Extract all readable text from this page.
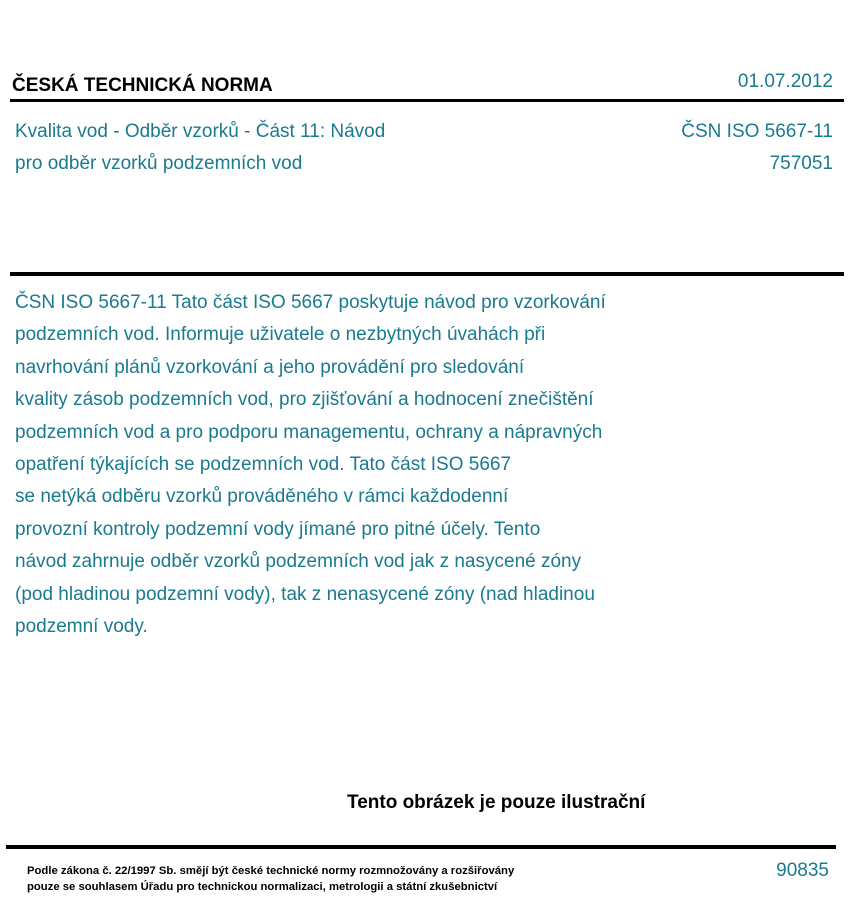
ČESKÁ TECHNICKÁ NORMA	01.07.2012
Kvalita vod - Odběr vzorků - Část 11: Návod
pro odběr vzorků podzemních vod
ČSN ISO 5667-11
757051
ČSN ISO 5667-11 Tato část ISO 5667 poskytuje návod pro vzorkování
podzemních vod. Informuje uživatele o nezbytných úvahách při
navrhování plánů vzorkování a jeho provádění pro sledování
kvality zásob podzemních vod, pro zjišťování a hodnocení znečištění
podzemních vod a pro podporu managementu, ochrany a nápravných
opatření týkajících se podzemních vod. Tato část ISO 5667
se netýká odběru vzorků prováděného v rámci každodenní
provozní kontroly podzemní vody jímané pro pitné účely. Tento
návod zahrnuje odběr vzorků podzemních vod jak z nasycené zóny
(pod hladinou podzemní vody), tak z nenasycené zóny (nad hladinou
podzemní vody.
Tento obrázek je pouze ilustrační
Podle zákona č. 22/1997 Sb. smějí být české technické normy rozmnožovány a rozšiřovány
pouze se souhlasem Úřadu pro technickou normalizaci, metrologii a státní zkušebnictví
90835
